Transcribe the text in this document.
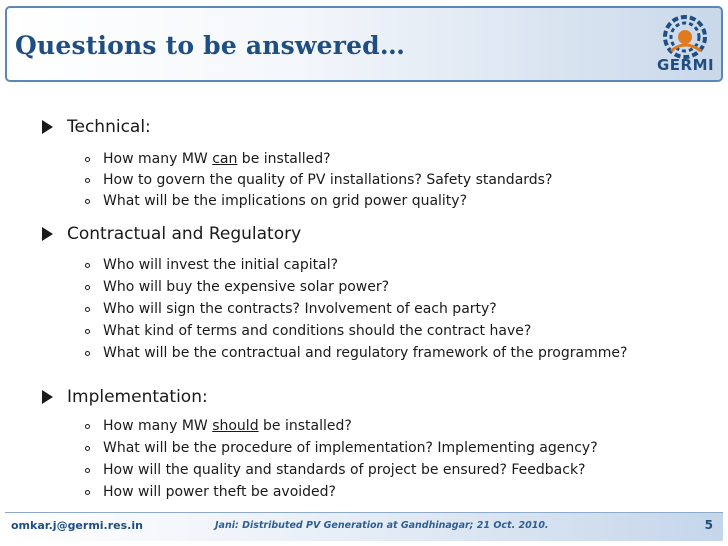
Questions to be answered…
GERMI
Technical:
How many MW can be installed?
How to govern the quality of PV installations? Safety standards?
What will be the implications on grid power quality?
Contractual and Regulatory
Who will invest the initial capital?
Who will buy the expensive solar power?
Who will sign the contracts? Involvement of each party?
What kind of terms and conditions should the contract have?
What will be the contractual and regulatory framework of the programme?
Implementation:
How many MW should be installed?
What will be the procedure of implementation? Implementing agency?
How will the quality and standards of project be ensured? Feedback?
How will power theft be avoided?
omkar.j@germi.res.in	Jani: Distributed PV Generation at Gandhinagar; 21 Oct. 2010.	5
